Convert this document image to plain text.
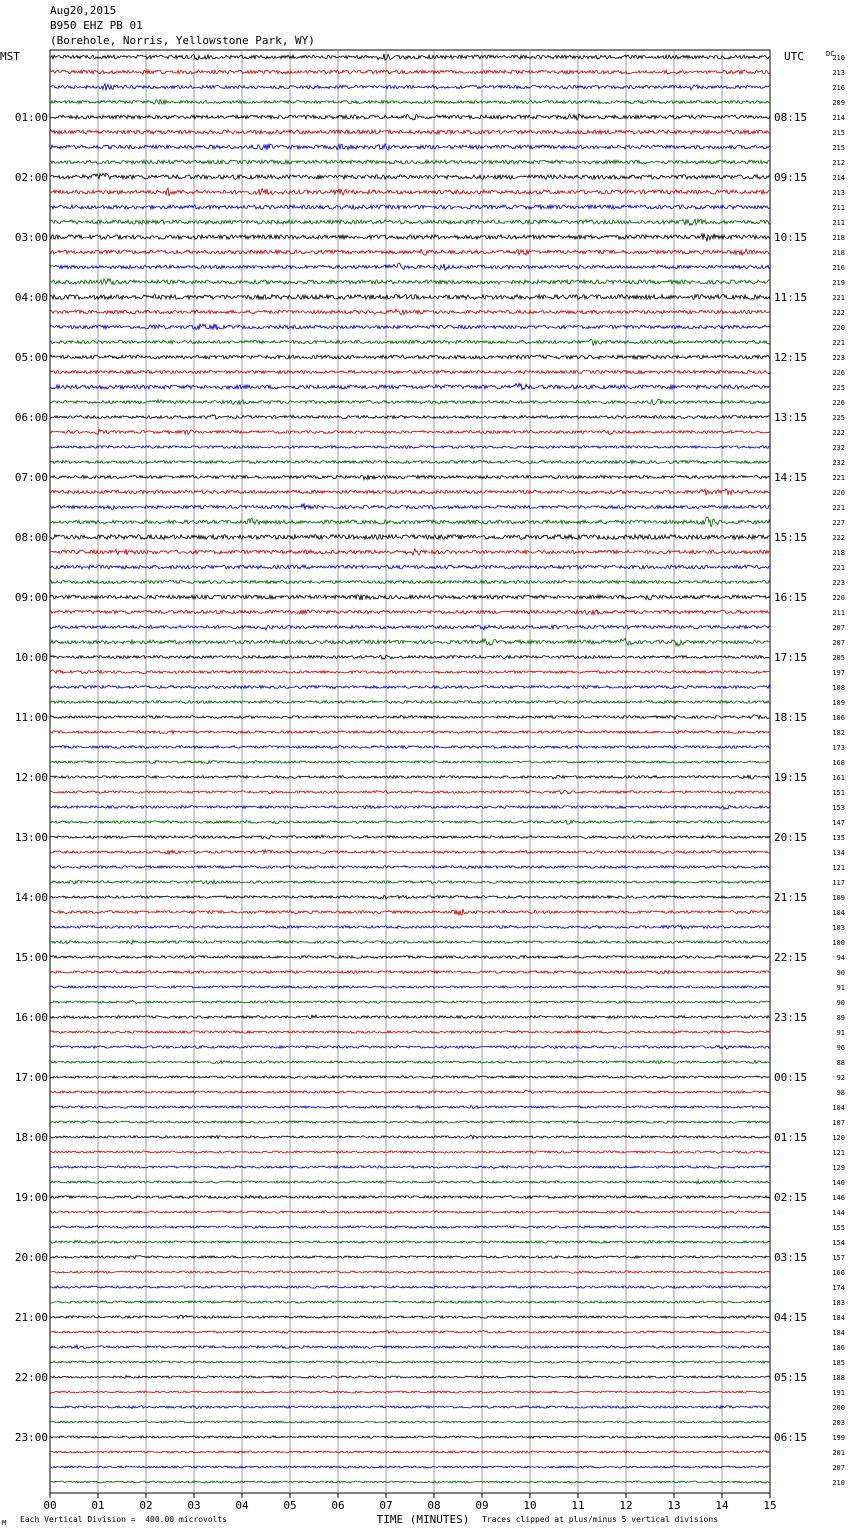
Aug20,2015
B950 EHZ PB 01
(Borehole, Norris, Yellowstone Park, WY)
210
213
216
209
214
215
215
212
214
213
211
211
218
218
216
219
221
222
220
221
223
226
225
226
225
222
232
232
221
220
221
227
222
218
221
223
220
211
207
207
205
197
108
109
106
182
173
168
161
151
153
147
135
134
121
117
109
104
103
100
94
90
91
90
89
91
96
88
92
98
104
107
120
121
129
140
146
144
155
154
157
166
174
183
184
184
186
185
188
191
200
203
199
201
207
210
MST	UTC	DC
01:00
02:00
03:00
04:00
05:00
06:00
07:00
08:00
09:00
10:00
11:00
12:00
13:00
14:00
15:00
16:00
17:00
18:00
19:00
20:00
21:00
22:00
23:00
08:15
09:15
10:15
11:15
12:15
13:15
14:15
15:15
16:15
17:15
18:15
19:15
20:15
21:15
22:15
23:15
00:15
01:15
02:15
03:15
04:15
05:15
06:15
00	01	02	03	04	05	06	07	08	09	10	11	12	13	14	15
TIME (MINUTES)
M Each Vertical Division =  400.00 microvolts	Traces clipped at plus/minus 5 vertical divisions
